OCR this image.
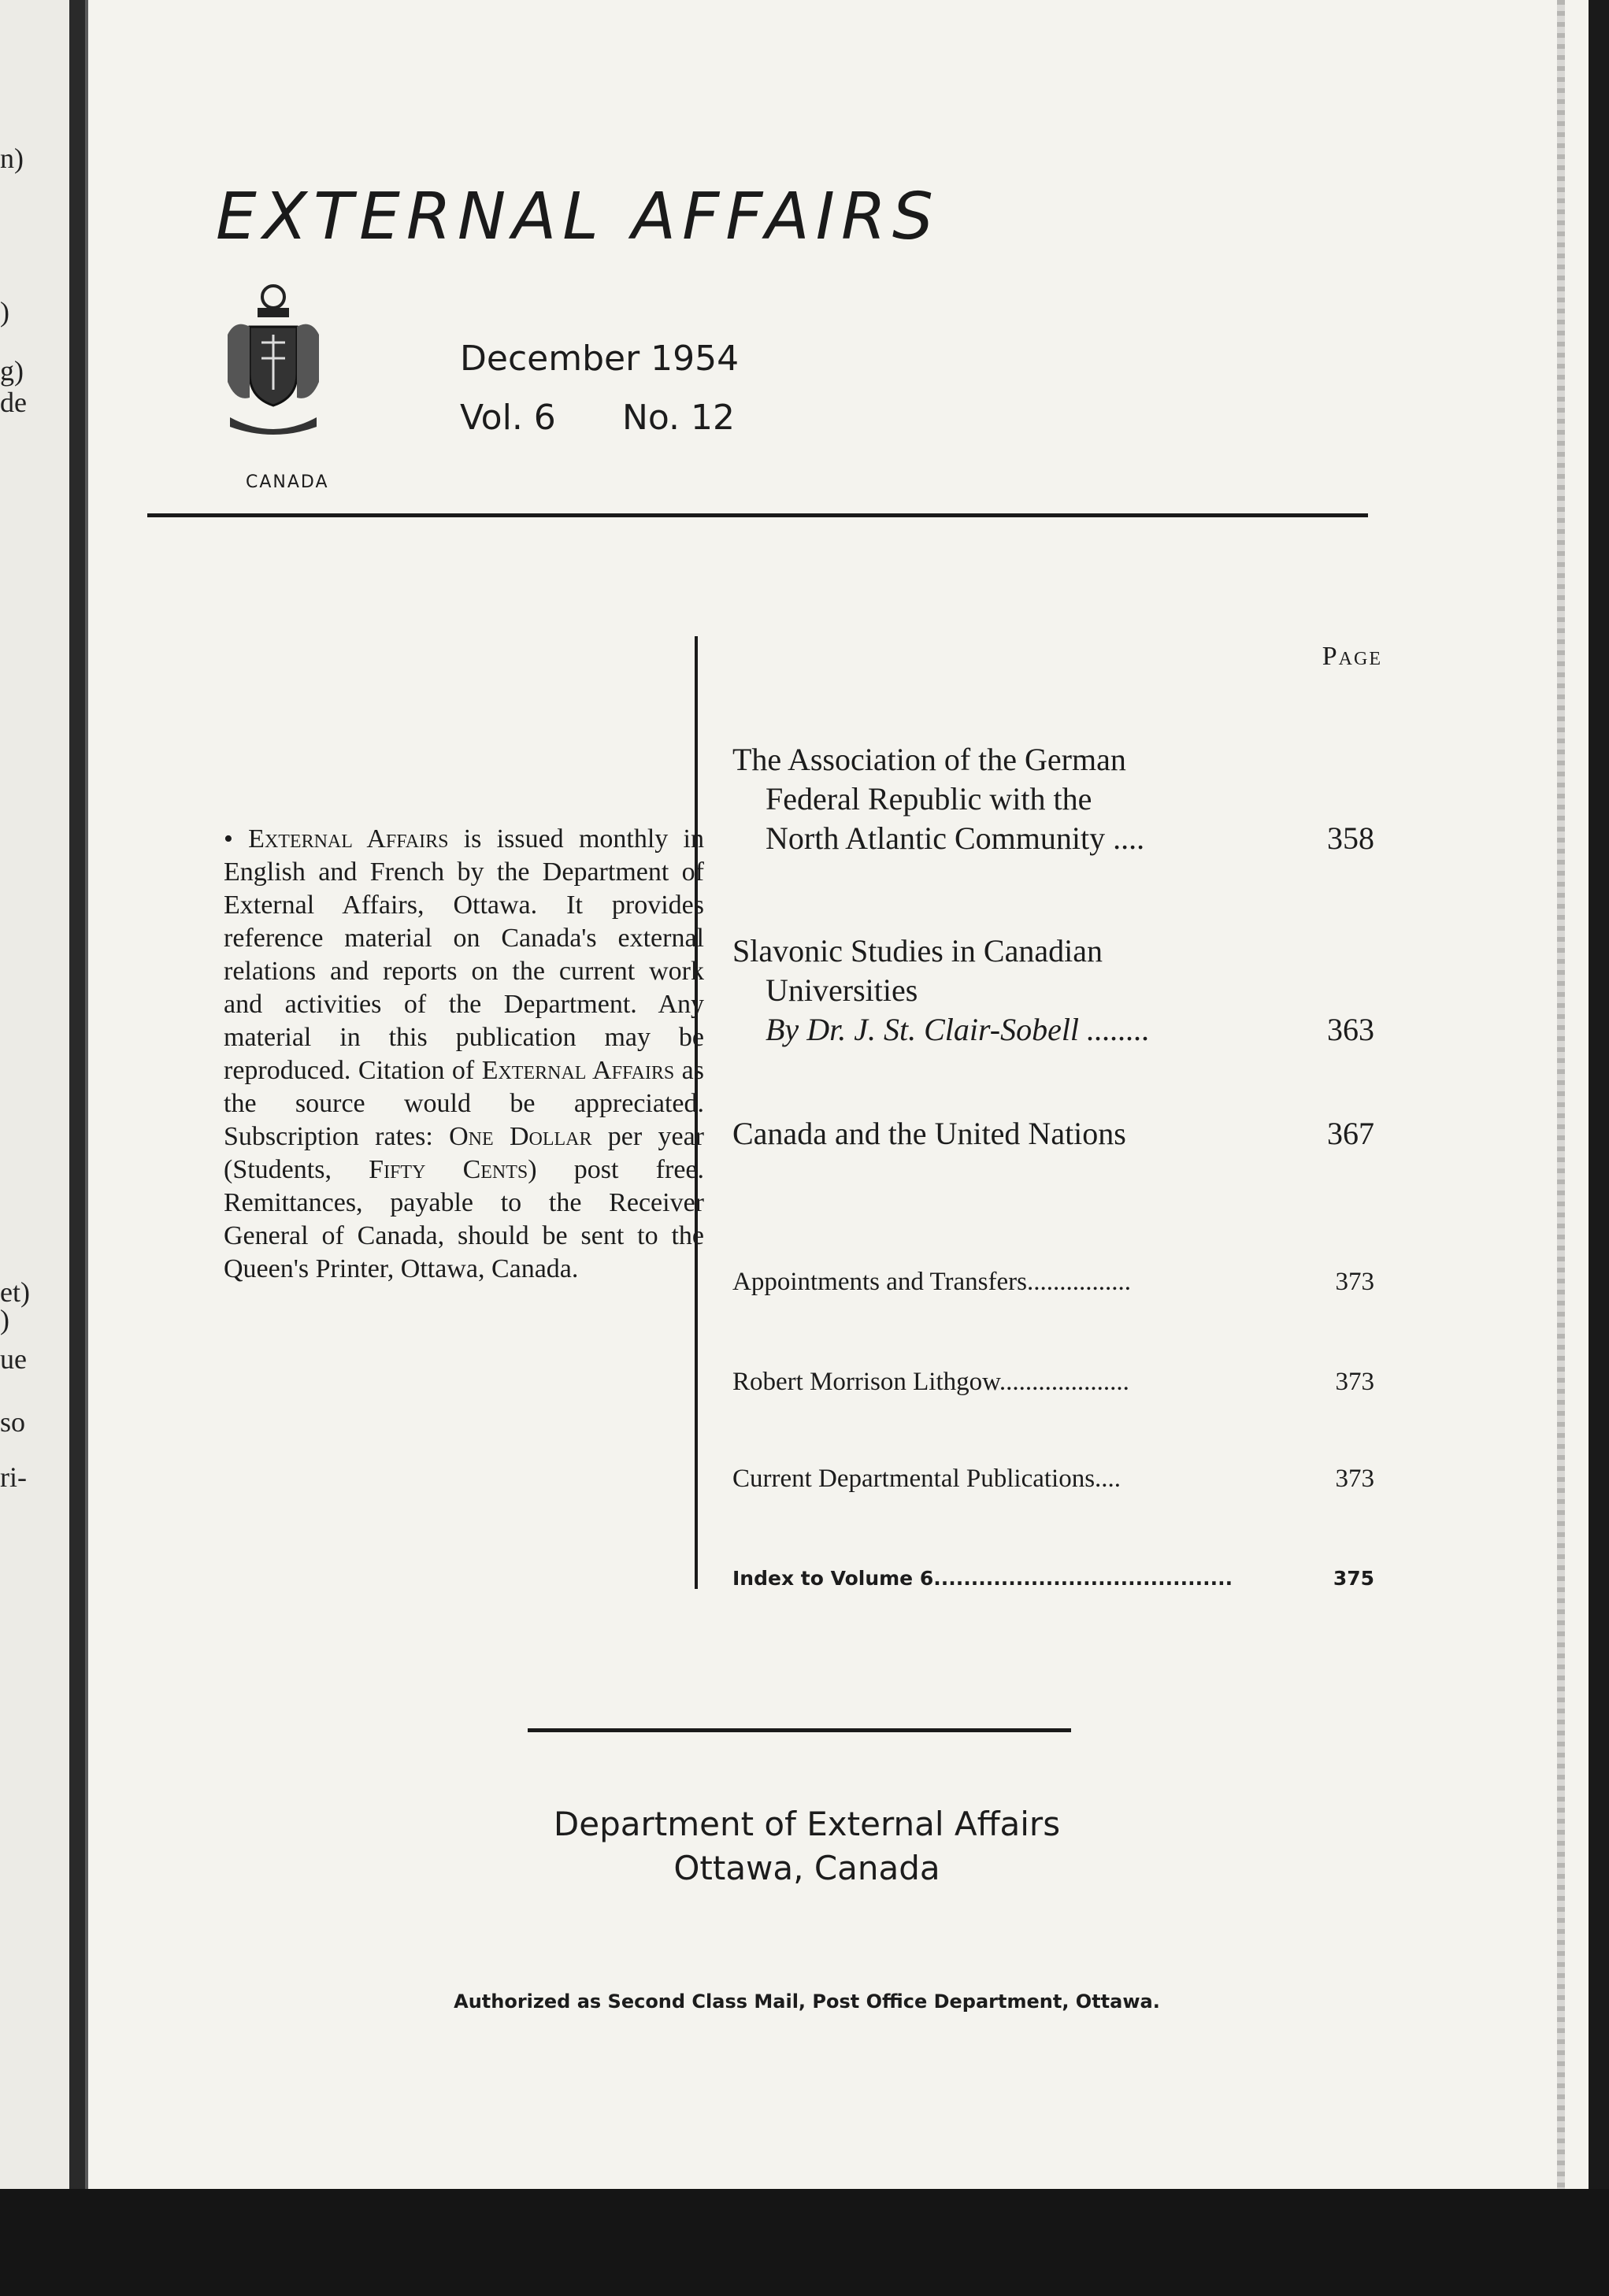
n)
)
g)
de
et)
)
ue
so
ri-
EXTERNAL AFFAIRS
CANADA
December 1954
Vol. 6 No. 12

• External Affairs is issued monthly in English and French by the Department of External Affairs, Ottawa. It provides reference material on Canada's external relations and reports on the current work and activities of the Department. Any material in this publication may be reproduced. Citation of External Affairs as the source would be appreciated. Subscription rates: One Dollar per year (Students, Fifty Cents) post free. Remittances, payable to the Receiver General of Canada, should be sent to the Queen's Printer, Ottawa, Canada.

Page
The Association of the German
Federal Republic with the
North Atlantic Community ....	358
Slavonic Studies in Canadian
Universities
By Dr. J. St. Clair-Sobell ........	363
Canada and the United Nations	367
Appointments and Transfers................	373
Robert Morrison Lithgow....................	373
Current Departmental Publications....	373
Index to Volume 6........................................	375
Department of External Affairs
Ottawa, Canada
Authorized as Second Class Mail, Post Office Department, Ottawa.
